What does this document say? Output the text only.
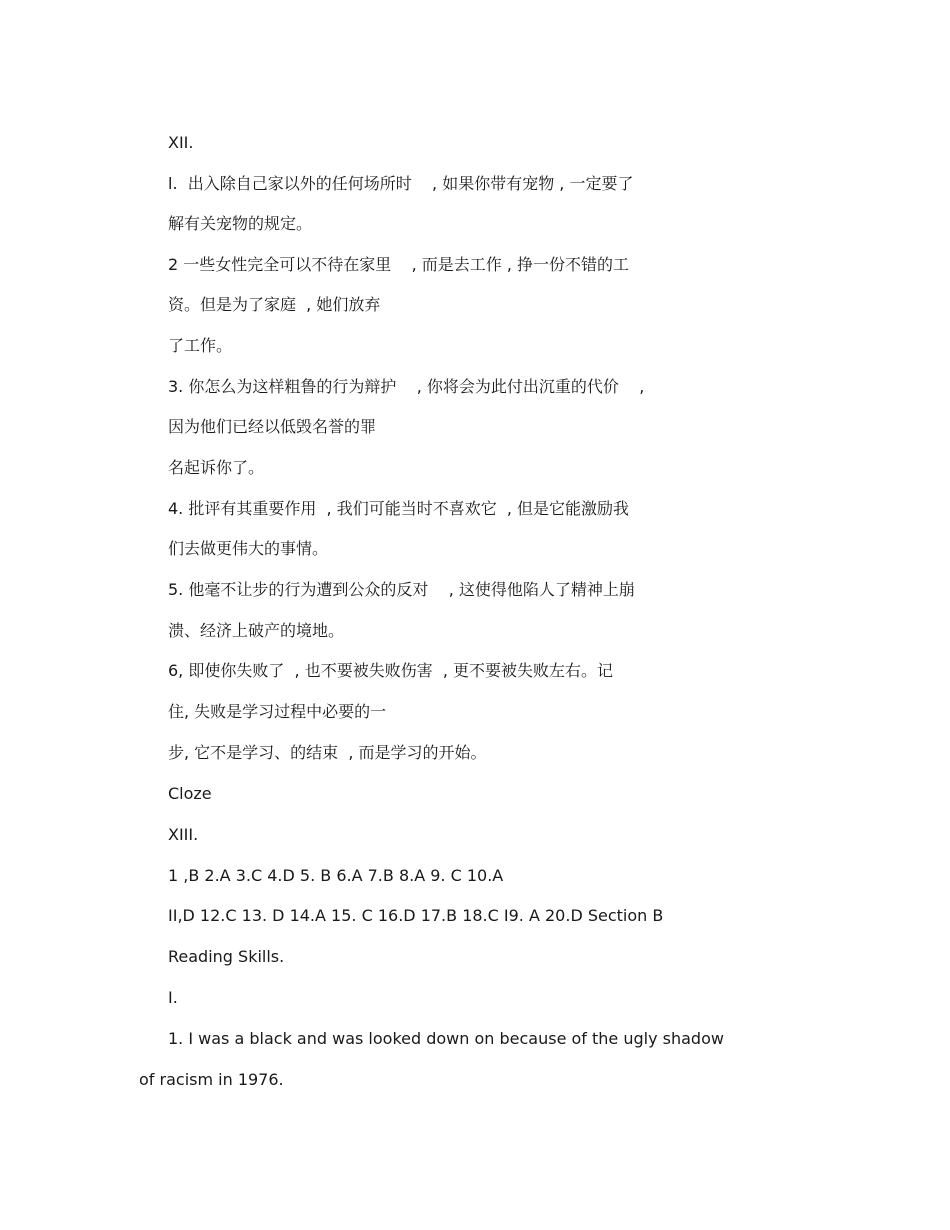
XII.
l.  出入除自己家以外的任何场所时    , 如果你带有宠物 , 一定要了
解有关宠物的规定。
2 一些女性完全可以不待在家里    , 而是去工作 , 挣一份不错的工
资。但是为了家庭  , 她们放弃
了工作。
3. 你怎么为这样粗鲁的行为辩护    , 你将会为此付出沉重的代价    ,
因为他们已经以低毁名誉的罪
名起诉你了。
4. 批评有其重要作用  , 我们可能当时不喜欢它  , 但是它能激励我
们去做更伟大的事情。
5. 他毫不让步的行为遭到公众的反对    , 这使得他陷人了精神上崩
溃、经济上破产的境地。
6, 即使你失败了  , 也不要被失败伤害  , 更不要被失败左右。记
住, 失败是学习过程中必要的一
步, 它不是学习、的结束  , 而是学习的开始。
Cloze
XIII.
1 ,B 2.A 3.C 4.D 5. B 6.A 7.B 8.A 9. C 10.A
II,D 12.C 13. D 14.A 15. C 16.D 17.B 18.C I9. A 20.D Section B
Reading Skills.
I.
1. I was a black and was looked down on because of the ugly shadow
of racism in 1976.
